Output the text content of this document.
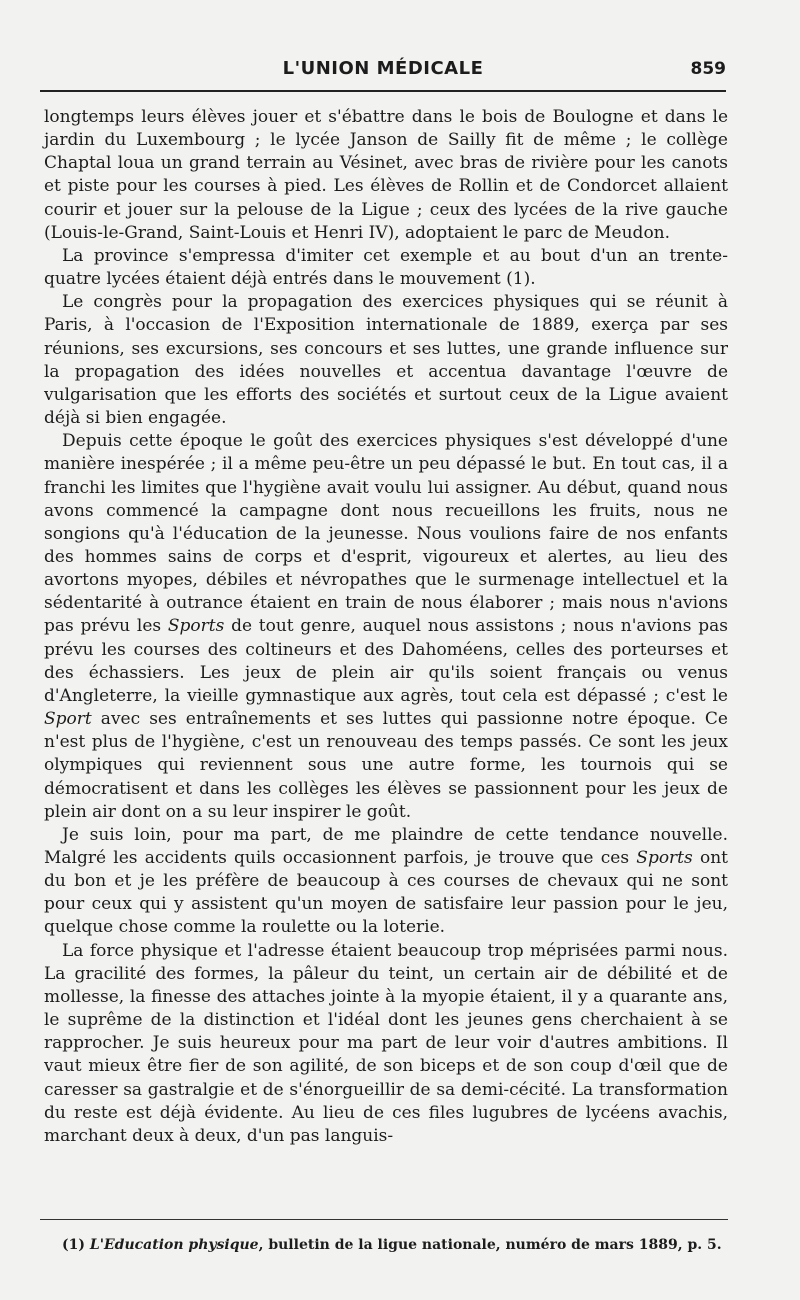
L'UNION MÉDICALE	859

longtemps leurs élèves jouer et s'ébattre dans le bois de Boulogne et dans le jardin du Luxembourg ; le lycée Janson de Sailly fit de même ; le collège Chaptal loua un grand terrain au Vésinet, avec bras de rivière pour les canots et piste pour les courses à pied. Les élèves de Rollin et de Condorcet allaient courir et jouer sur la pelouse de la Ligue ; ceux des lycées de la rive gauche (Louis-le-Grand, Saint-Louis et Henri IV), adoptaient le parc de Meudon.

La province s'empressa d'imiter cet exemple et au bout d'un an trente-quatre lycées étaient déjà entrés dans le mouvement (1).

Le congrès pour la propagation des exercices physiques qui se réunit à Paris, à l'occasion de l'Exposition internationale de 1889, exerça par ses réunions, ses excursions, ses concours et ses luttes, une grande influence sur la propagation des idées nouvelles et accentua davantage l'œuvre de vulgarisation que les efforts des sociétés et surtout ceux de la Ligue avaient déjà si bien engagée.

Depuis cette époque le goût des exercices physiques s'est développé d'une manière inespérée ; il a même peu-être un peu dépassé le but. En tout cas, il a franchi les limites que l'hygiène avait voulu lui assigner. Au début, quand nous avons commencé la campagne dont nous recueillons les fruits, nous ne songions qu'à l'éducation de la jeunesse. Nous voulions faire de nos enfants des hommes sains de corps et d'esprit, vigoureux et alertes, au lieu des avortons myopes, débiles et névropathes que le surmenage intellectuel et la sédentarité à outrance étaient en train de nous élaborer ; mais nous n'avions pas prévu les Sports de tout genre, auquel nous assistons ; nous n'avions pas prévu les courses des coltineurs et des Dahoméens, celles des porteurses et des échassiers. Les jeux de plein air qu'ils soient français ou venus d'Angleterre, la vieille gymnastique aux agrès, tout cela est dépassé ; c'est le Sport avec ses entraînements et ses luttes qui passionne notre époque. Ce n'est plus de l'hygiène, c'est un renouveau des temps passés. Ce sont les jeux olympiques qui reviennent sous une autre forme, les tournois qui se démocratisent et dans les collèges les élèves se passionnent pour les jeux de plein air dont on a su leur inspirer le goût.

Je suis loin, pour ma part, de me plaindre de cette tendance nouvelle. Malgré les accidents quils occasionnent parfois, je trouve que ces Sports ont du bon et je les préfère de beaucoup à ces courses de chevaux qui ne sont pour ceux qui y assistent qu'un moyen de satisfaire leur passion pour le jeu, quelque chose comme la roulette ou la loterie.

La force physique et l'adresse étaient beaucoup trop méprisées parmi nous. La gracilité des formes, la pâleur du teint, un certain air de débilité et de mollesse, la finesse des attaches jointe à la myopie étaient, il y a quarante ans, le suprême de la distinction et l'idéal dont les jeunes gens cherchaient à se rapprocher. Je suis heureux pour ma part de leur voir d'autres ambitions. Il vaut mieux être fier de son agilité, de son biceps et de son coup d'œil que de caresser sa gastralgie et de s'énorgueillir de sa demi-cécité. La transformation du reste est déjà évidente. Au lieu de ces files lugubres de lycéens avachis, marchant deux à deux, d'un pas languis-

(1) L'Education physique, bulletin de la ligue nationale, numéro de mars 1889, p. 5.
